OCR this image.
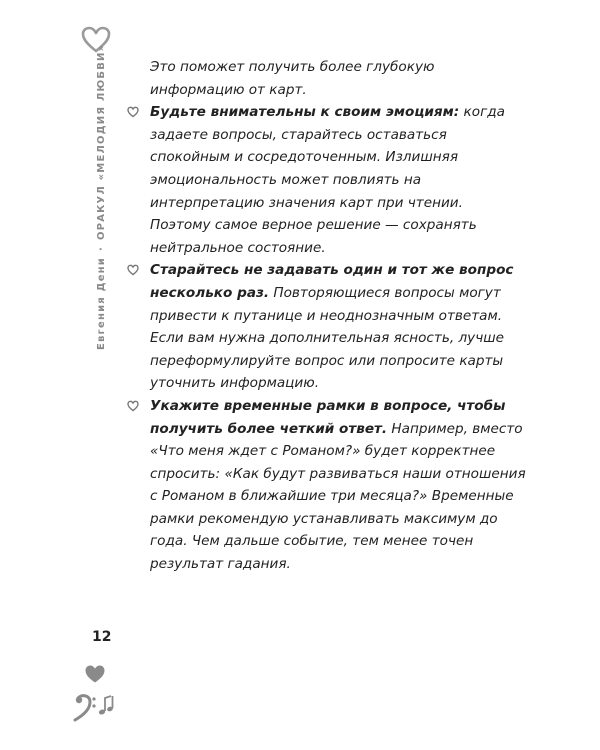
Евгения Дени·ОРАКУЛ «МЕЛОДИЯ ЛЮБВИ»	Это поможет получить более глубокую информацию от карт.

Будьте внимательны к своим эмоциям: когда задаете вопросы, старайтесь оставаться спокойным и сосредоточенным. Излишняя эмоциональность может повлиять на интерпретацию значения карт при чтении. Поэтому самое верное решение — сохранять нейтральное состояние.

Старайтесь не задавать один и тот же вопрос несколько раз. Повторяющиеся вопросы могут привести к путанице и неоднозначным ответам. Если вам нужна дополнительная ясность, лучше переформулируйте вопрос или попросите карты уточнить информацию.

Укажите временные рамки в вопросе, чтобы получить более четкий ответ. Например, вместо «Что меня ждет с Романом?» будет корректнее спросить: «Как будут развиваться наши отношения с Романом в ближайшие три месяца?» Временные рамки рекомендую устанавливать максимум до года. Чем дальше событие, тем менее точен результат гадания.

12
